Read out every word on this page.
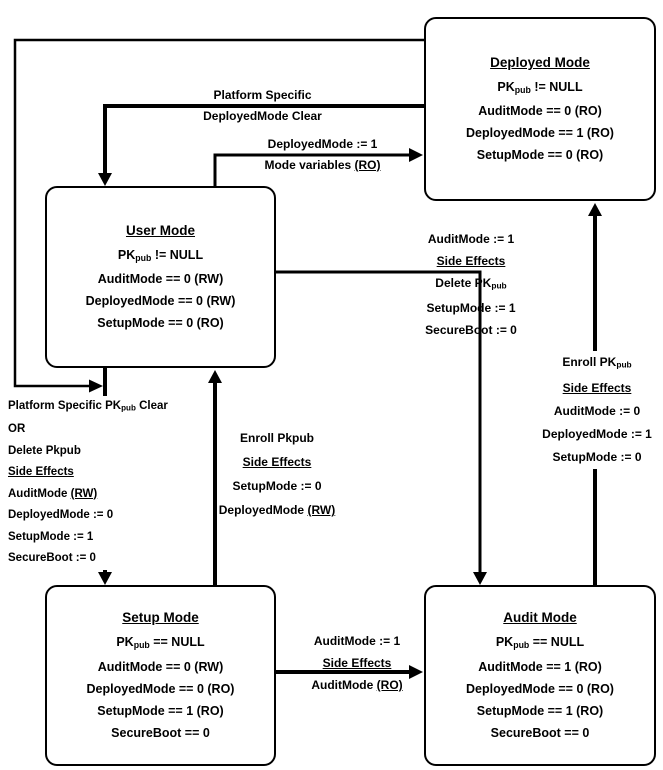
Platform Specific
DeployedMode Clear
DeployedMode := 1
Mode variables (RO)
AuditMode := 1
Side Effects
Delete $PK_{pub}$
SetupMode := 1
SecureBoot := 0
Enroll $PK_{pub}$
Side Effects
AuditMode := 0
DeployedMode := 1
SetupMode := 0
Platform Specific $PK_{pub}$ Clear
OR
Delete Pkpub
Side Effects
AuditMode (RW)
DeployedMode := 0
SetupMode := 1
SecureBoot := 0
Enroll Pkpub
Side Effects
SetupMode := 0
DeployedMode (RW)
AuditMode := 1
Side Effects
AuditMode (RO)
Deployed Mode
$PK_{pub}$ != NULL
AuditMode == 0 (RO)
DeployedMode == 1 (RO)
SetupMode == 0 (RO)
User Mode
$PK_{pub}$ != NULL
AuditMode == 0 (RW)
DeployedMode == 0 (RW)
SetupMode == 0 (RO)
Setup Mode
$PK_{pub}$ == NULL
AuditMode == 0 (RW)
DeployedMode == 0 (RO)
SetupMode == 1 (RO)
SecureBoot == 0
Audit Mode
$PK_{pub}$ == NULL
AuditMode == 1 (RO)
DeployedMode == 0 (RO)
SetupMode == 1 (RO)
SecureBoot == 0
